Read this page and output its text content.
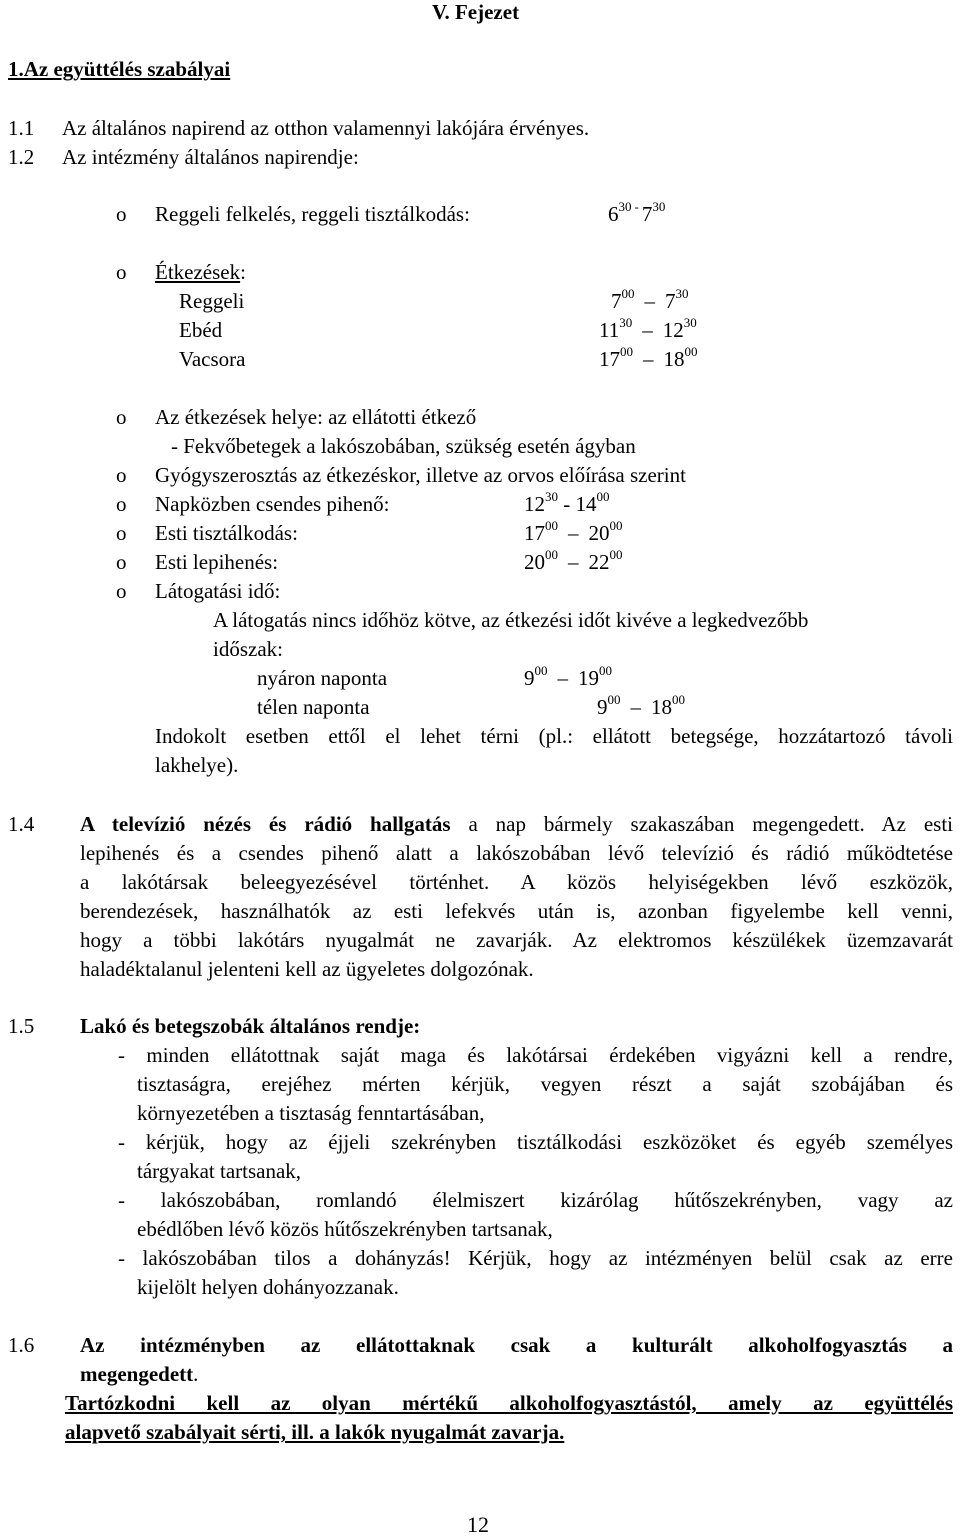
V. Fejezet
1.Az együttélés szabályai
1.1 Az általános napirend az otthon valamennyi lakójára érvényes.
1.2 Az intézmény általános napirendje:
o Reggeli felkelés, reggeli tisztálkodás:	$6^{30}$ - $7^{30}$
o Étkezések:
Reggeli	$7^{00} - 7^{30}$
Ebéd	$11^{30} - 12^{30}$
Vacsora	$17^{00} - 18^{00}$
o Az étkezések helye: az ellátotti étkező
- Fekvőbetegek a lakószobában, szükség esetén ágyban
o Gyógyszerosztás az étkezéskor, illetve az orvos előírása szerint
o Napközben csendes pihenő:	$12^{30} - 14^{00}$
o Esti tisztálkodás:	$17^{00} - 20^{00}$
o Esti lepihenés:	$20^{00} - 22^{00}$
o Látogatási idő:
A látogatás nincs időhöz kötve, az étkezési időt kivéve a legkedvezőbb
időszak:
nyáron naponta	$9^{00} - 19^{00}$
télen naponta	$9^{00} - 18^{00}$
Indokolt esetben ettől el lehet térni (pl.: ellátott betegsége, hozzátartozó távoli
lakhelye).
1.4 A televízió nézés és rádió hallgatás a nap bármely szakaszában megengedett. Az esti
lepihenés és a csendes pihenő alatt a lakószobában lévő televízió és rádió működtetése
a lakótársak beleegyezésével történhet. A közös helyiségekben lévő eszközök,
berendezések, használhatók az esti lefekvés után is, azonban figyelembe kell venni,
hogy a többi lakótárs nyugalmát ne zavarják. Az elektromos készülékek üzemzavarát
haladéktalanul jelenteni kell az ügyeletes dolgozónak.
1.5 Lakó és betegszobák általános rendje:
- minden ellátottnak saját maga és lakótársai érdekében vigyázni kell a rendre,
tisztaságra, erejéhez mérten kérjük, vegyen részt a saját szobájában és
környezetében a tisztaság fenntartásában,
- kérjük, hogy az éjjeli szekrényben tisztálkodási eszközöket és egyéb személyes
tárgyakat tartsanak,
- lakószobában, romlandó élelmiszert kizárólag hűtőszekrényben, vagy az
ebédlőben lévő közös hűtőszekrényben tartsanak,
- lakószobában tilos a dohányzás! Kérjük, hogy az intézményen belül csak az erre
kijelölt helyen dohányozzanak.
1.6 Az intézményben az ellátottaknak csak a kulturált alkoholfogyasztás a
megengedett.
Tartózkodni kell az olyan mértékű alkoholfogyasztástól, amely az együttélés
alapvető szabályait sérti, ill. a lakók nyugalmát zavarja.
12
